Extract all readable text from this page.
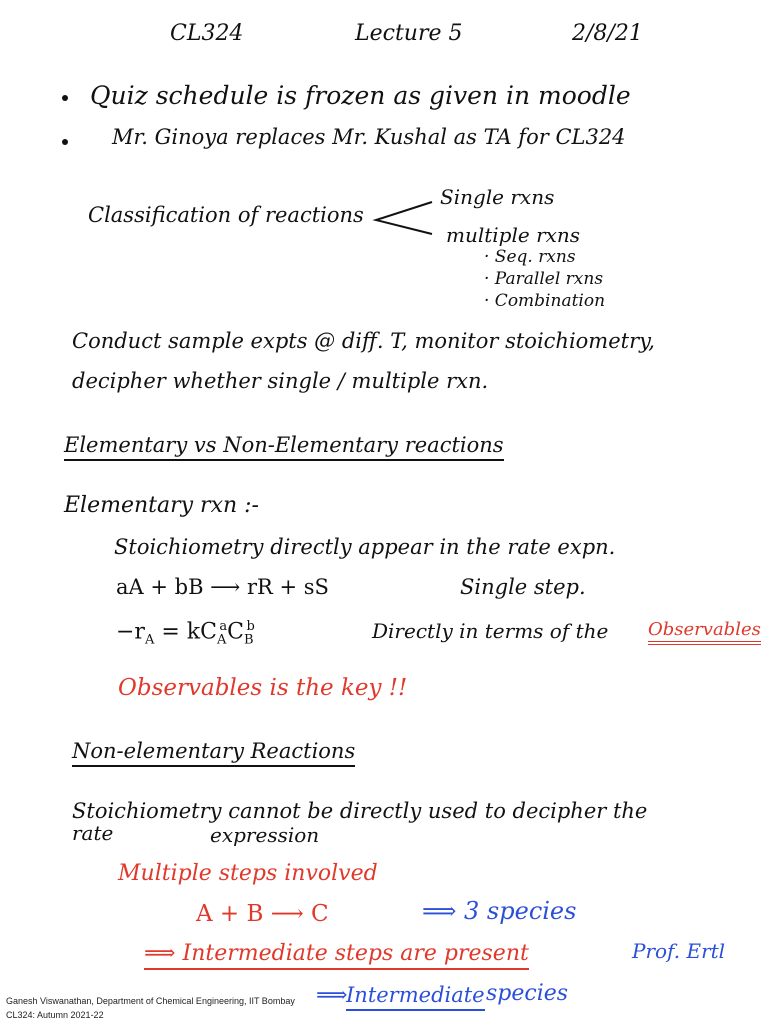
CL324	Lecture 5	2/8/21
Quiz schedule is frozen as given in moodle
Mr. Ginoya replaces Mr. Kushal as TA for CL324
Classification of reactions
Single rxns
multiple rxns
· Seq. rxns
· Parallel rxns
· Combination
Conduct sample expts @ diff. T, monitor stoichiometry,
decipher whether single / multiple rxn.
Elementary vs Non-Elementary reactions
Elementary rxn :-
Stoichiometry directly appear in the rate expn.
aA + bB ⟶ rR + sS	Single step.
$-r_A = kC_A^aC_B^b$	Directly in terms of the Observables
Observables is the key !!
Non-elementary Reactions
Stoichiometry cannot be directly used to decipher the
rate	expression
Multiple steps involved
A + B ⟶ C	⟹ 3 species
⟹ Intermediate steps are present	Prof. Ertl
⟹
Intermediate species
Ganesh Viswanathan, Department of Chemical Engineering, IIT Bombay
CL324: Autumn 2021-22
